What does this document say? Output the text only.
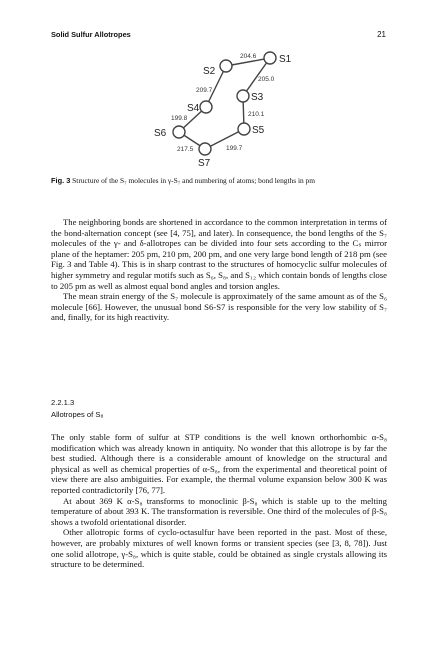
Solid Sulfur Allotropes	21
S1
S2
S3
S4
S5
S6
S7
204.6
205.0
209.7
210.1
199.8
217.5	199.7
Fig. 3 Structure of the S₇ molecules in γ-S₇ and numbering of atoms; bond lengths in pm

The neighboring bonds are shortened in accordance to the common interpretation in terms of the bond-alternation concept (see [4, 75], and later). In consequence, the bond lengths of the S₇ molecules of the γ- and δ-allotropes can be divided into four sets according to the Cₛ mirror plane of the heptamer: 205 pm, 210 pm, 200 pm, and one very large bond length of 218 pm (see Fig. 3 and Table 4). This is in sharp contrast to the structures of homocyclic sulfur molecules of higher symmetry and regular motifs such as S₆, S₈, and S₁₂ which contain bonds of lengths close to 205 pm as well as almost equal bond angles and torsion angles.

The mean strain energy of the S₇ molecule is approximately of the same amount as of the S₆ molecule [66]. However, the unusual bond S6-S7 is responsible for the very low stability of S₇ and, finally, for its high reactivity.

2.2.1.3
Allotropes of S₈

The only stable form of sulfur at STP conditions is the well known orthorhombic α-S₈ modification which was already known in antiquity. No wonder that this allotrope is by far the best studied. Although there is a considerable amount of knowledge on the structural and physical as well as chemical properties of α-S₈, from the experimental and theoretical point of view there are also ambiguities. For example, the thermal volume expansion below 300 K was reported contradictorily [76, 77].

At about 369 K α-S₈ transforms to monoclinic β-S₈ which is stable up to the melting temperature of about 393 K. The transformation is reversible. One third of the molecules of β-S₈ shows a twofold orientational disorder.

Other allotropic forms of cyclo-octasulfur have been reported in the past. Most of these, however, are probably mixtures of well known forms or transient species (see [3, 8, 78]). Just one solid allotrope, γ-S₈, which is quite stable, could be obtained as single crystals allowing its structure to be determined.
